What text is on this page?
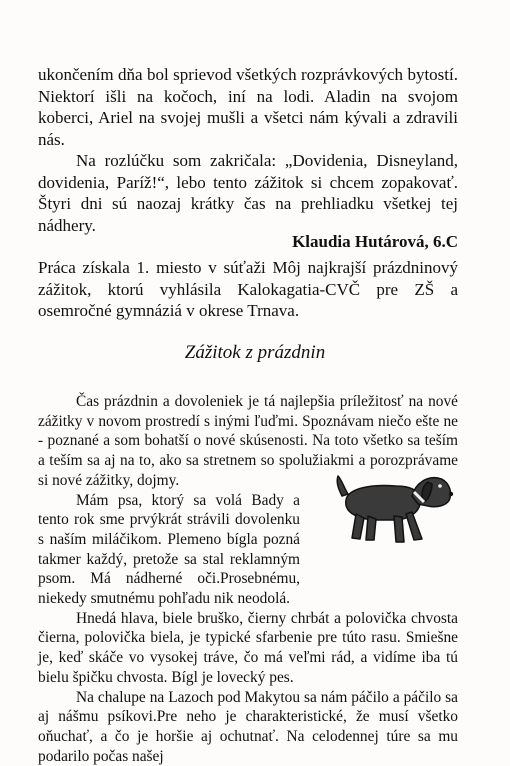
ukončením dňa bol sprievod všetkých rozprávkových bytostí. Niektorí išli na kočoch, iní na lodi. Aladin na svojom koberci, Ariel na svojej mušli a všetci nám kývali a zdravili nás.

Na rozlúčku som zakričala: „Dovidenia, Disneyland, dovidenia, Paríž!“, lebo tento zážitok si chcem zopakovať. Štyri dni sú naozaj krátky čas na prehliadku všetkej tej nádhery.

Klaudia Hutárová, 6.C

Práca získala 1. miesto v súťaži Môj najkrajší prázdninový zážitok, ktorú vyhlásila Kalokagatia-CVČ pre ZŠ a osemročné gymnáziá v okrese Trnava.

Zážitok z prázdnin

Čas prázdnin a dovoleniek je tá najlepšia príležitosť na nové zážitky v novom prostredí s inými ľuďmi. Spoznávam niečo ešte ne - poznané a som bohatší o nové skúsenosti. Na toto všetko sa teším a teším sa aj na to, ako sa stretnem so spolužiakmi a porozprávame si nové zážitky, dojmy.

Mám psa, ktorý sa volá Bady a tento rok sme prvýkrát strávili dovolenku s naším miláčikom. Plemeno bígla pozná takmer každý, pretože sa stal reklamným psom. Má nádherné oči.Prosebnému, niekedy smutnému pohľadu nik neodolá.

Hnedá hlava, biele bruško, čierny chrbát a polovička chvosta čierna, polovička biela, je typické sfarbenie pre túto rasu. Smiešne je, keď skáče vo vysokej tráve, čo má veľmi rád, a vidíme iba tú bielu špičku chvosta. Bígl je lovecký pes.

Na chalupe na Lazoch pod Makytou sa nám páčilo a páčilo sa aj nášmu psíkovi.Pre neho je charakteristické, že musí všetko oňuchať, a čo je horšie aj ochutnať. Na celodennej túre sa mu podarilo počas našej
